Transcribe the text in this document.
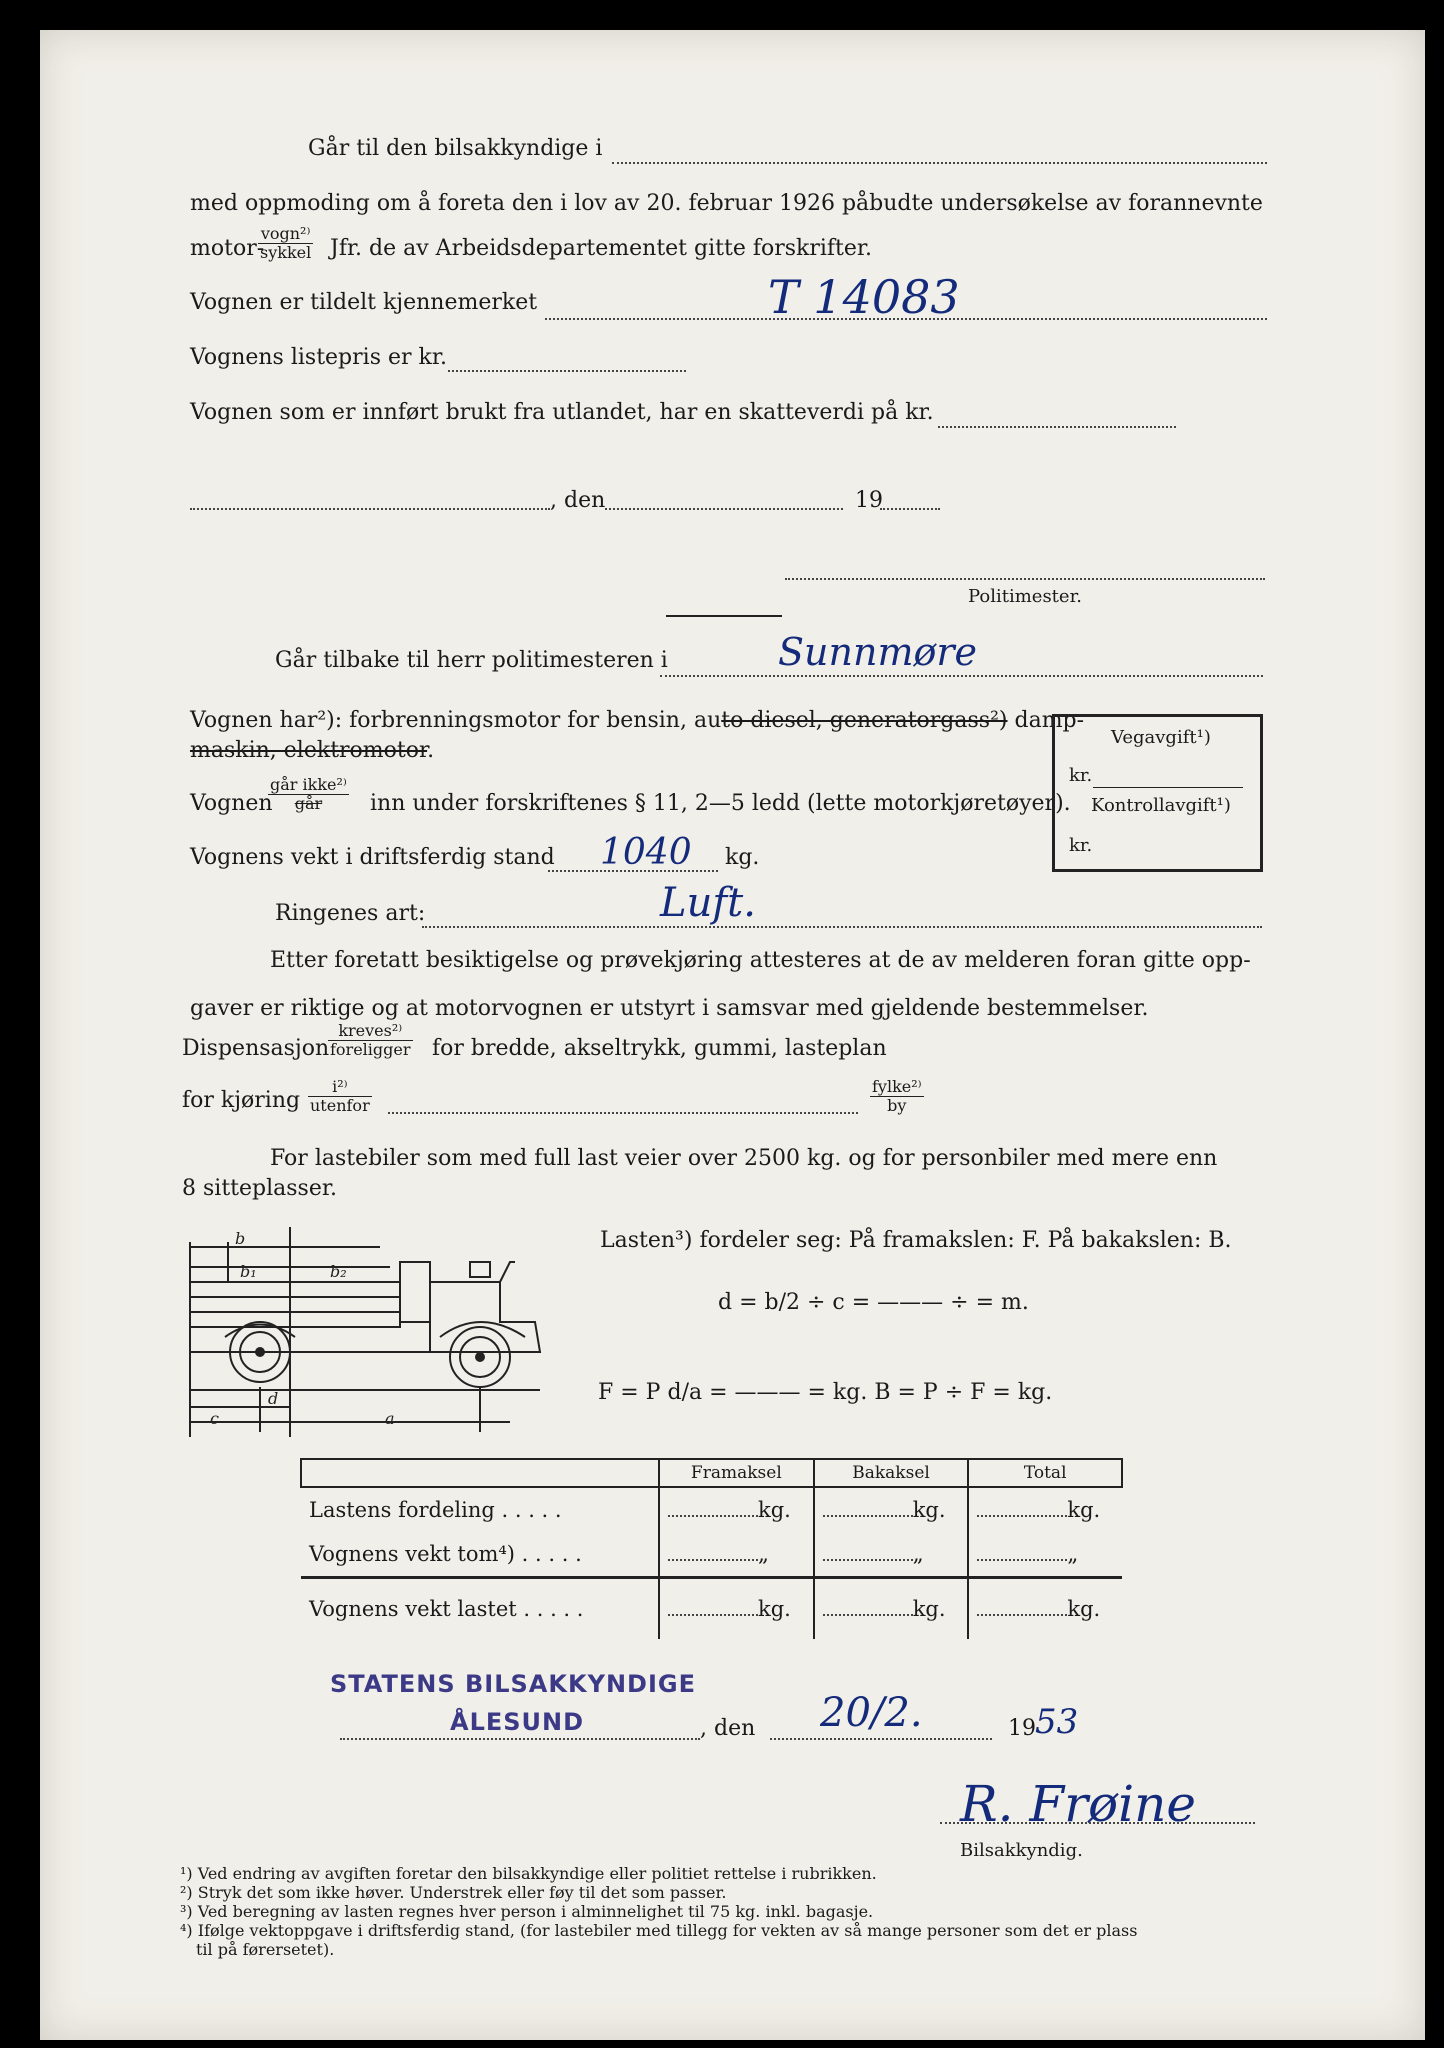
Går til den bilsakkyndige i
med oppmoding om å foreta den i lov av 20. februar 1926 påbudte undersøkelse av forannevnte
motor-
vogn²⁾
sykkel Jfr. de av Arbeidsdepartementet gitte forskrifter.
Vognen er tildelt kjennemerket	T 14083
Vognens listepris er kr.
Vognen som er innført brukt fra utlandet, har en skatteverdi på kr.
, den	19
Politimester.
Går tilbake til herr politimesteren i	Sunnmøre
Vognen har²): forbrenningsmotor for bensin, auto diesel, generatorgass²) damp-
maskin, elektromotor.
Vognen
går ikke²⁾
går	inn under forskriftenes § 11, 2—5 ledd (lette motorkjøretøyer).
Vognens vekt i driftsferdig stand 1040 kg.
Vegavgift¹)
kr.
Kontrollavgift¹)
kr.
Ringenes art:	Luft.
Etter foretatt besiktigelse og prøvekjøring attesteres at de av melderen foran gitte opp-
gaver er riktige og at motorvognen er utstyrt i samsvar med gjeldende bestemmelser.
Dispensasjon
kreves²⁾
foreligger for bredde, akseltrykk, gummi, lasteplan
for kjøring
i²⁾
utenfor
fylke²⁾
by
For lastebiler som med full last veier over 2500 kg. og for personbiler med mere enn
8 sitteplasser.
b
b₁	b₂
c
d
a
Lasten³) fordeler seg: På framakslen: F. På bakakslen: B.
d = b/2 ÷ c = ——— ÷ = m.
F = P d/a = ——— = kg. B = P ÷ F = kg.
	Framaksel	Bakaksel	Total
Lastens fordeling . . . . .	kg.	kg.	kg.
Vognens vekt tom⁴) . . . . .	„	„	„
Vognens vekt lastet . . . . .	kg.	kg.	kg.
STATENS BILSAKKYNDIGE
ÅLESUND	, den 20/2.	19 53
R. Frøine
Bilsakkyndig.
¹) Ved endring av avgiften foretar den bilsakkyndige eller politiet rettelse i rubrikken.
²) Stryk det som ikke høver. Understrek eller føy til det som passer.
³) Ved beregning av lasten regnes hver person i alminnelighet til 75 kg. inkl. bagasje.
⁴) Ifølge vektoppgave i driftsferdig stand, (for lastebiler med tillegg for vekten av så mange personer som det er plass
til på førersetet).
